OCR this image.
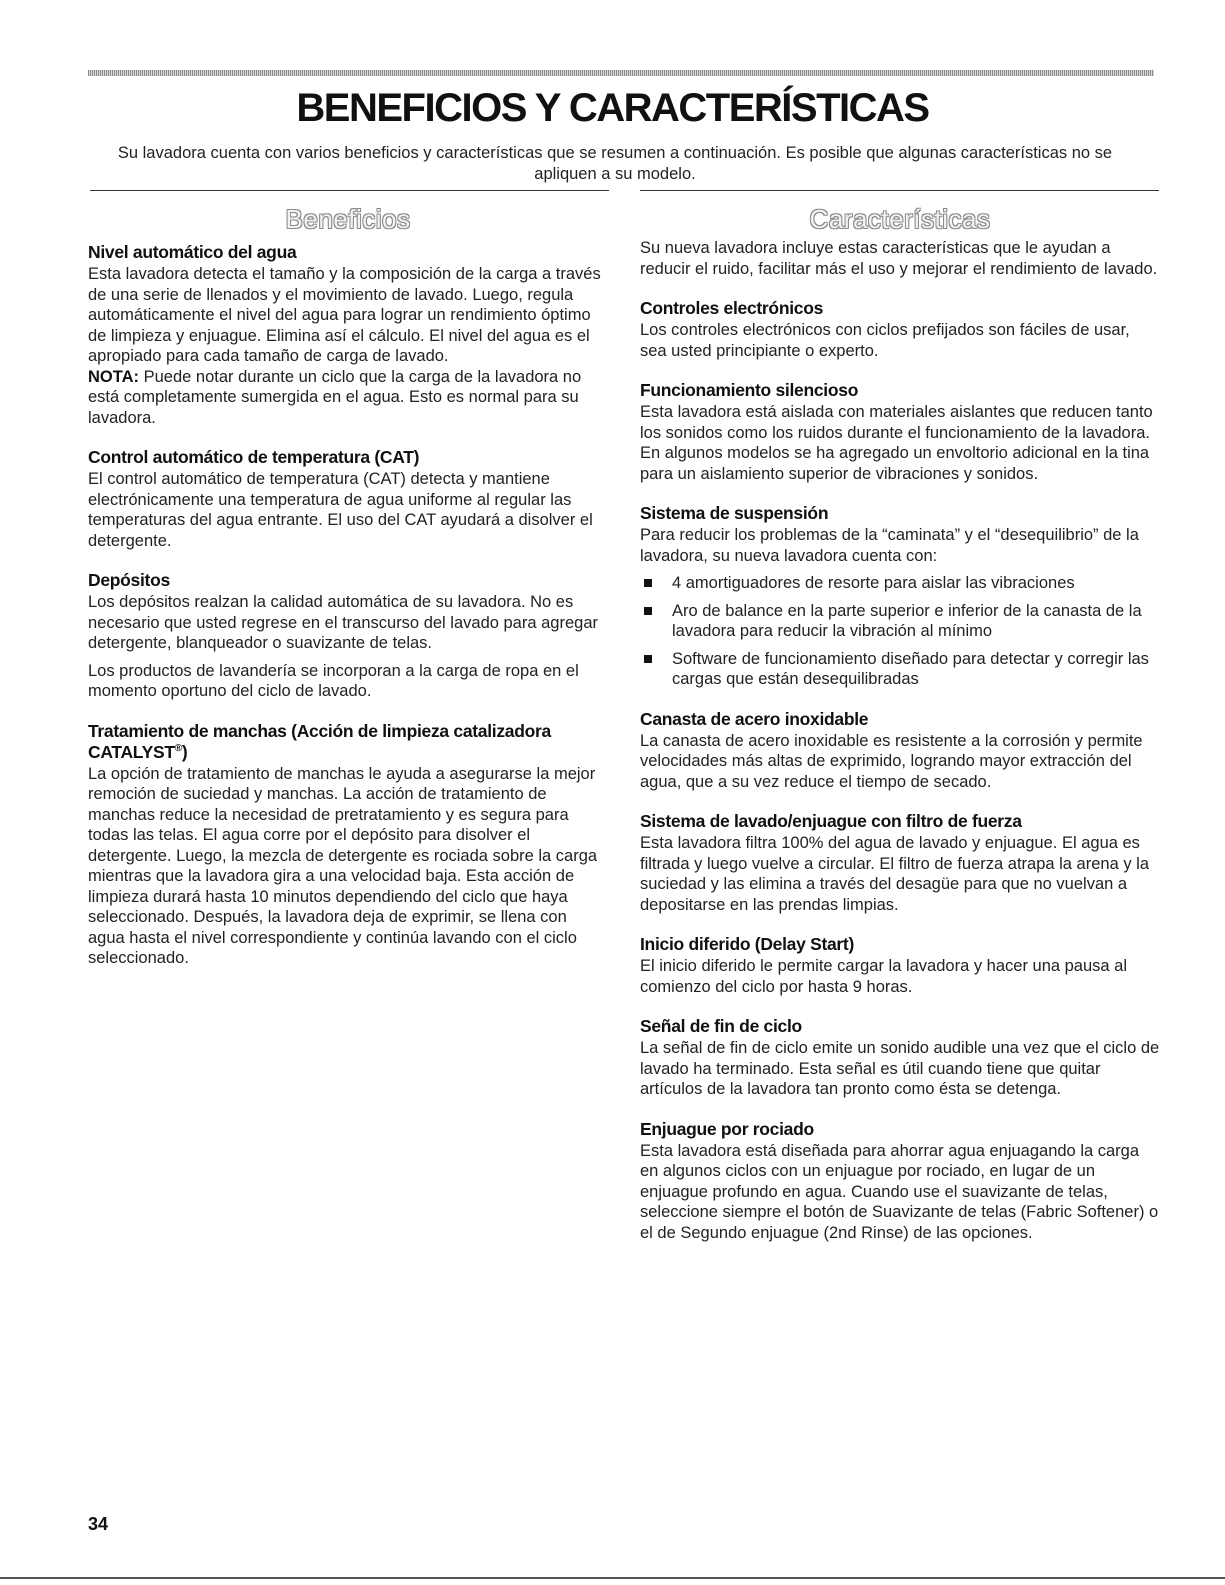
BENEFICIOS Y CARACTERÍSTICAS

Su lavadora cuenta con varios beneficios y características que se resumen a continuación. Es posible que algunas características no se apliquen a su modelo.

Beneficios
Nivel automático del agua

Esta lavadora detecta el tamaño y la composición de la carga a través de una serie de llenados y el movimiento de lavado. Luego, regula automáticamente el nivel del agua para lograr un rendimiento óptimo de limpieza y enjuague. Elimina así el cálculo. El nivel del agua es el apropiado para cada tamaño de carga de lavado.

NOTA: Puede notar durante un ciclo que la carga de la lavadora no está completamente sumergida en el agua. Esto es normal para su lavadora.

Control automático de temperatura (CAT)

El control automático de temperatura (CAT) detecta y mantiene electrónicamente una temperatura de agua uniforme al regular las temperaturas del agua entrante. El uso del CAT ayudará a disolver el detergente.

Depósitos

Los depósitos realzan la calidad automática de su lavadora. No es necesario que usted regrese en el transcurso del lavado para agregar detergente, blanqueador o suavizante de telas.

Los productos de lavandería se incorporan a la carga de ropa en el momento oportuno del ciclo de lavado.

Tratamiento de manchas (Acción de limpieza catalizadora CATALYST®)

La opción de tratamiento de manchas le ayuda a asegurarse la mejor remoción de suciedad y manchas. La acción de tratamiento de manchas reduce la necesidad de pretratamiento y es segura para todas las telas. El agua corre por el depósito para disolver el detergente. Luego, la mezcla de detergente es rociada sobre la carga mientras que la lavadora gira a una velocidad baja. Esta acción de limpieza durará hasta 10 minutos dependiendo del ciclo que haya seleccionado. Después, la lavadora deja de exprimir, se llena con agua hasta el nivel correspondiente y continúa lavando con el ciclo seleccionado.

Características

Su nueva lavadora incluye estas características que le ayudan a reducir el ruido, facilitar más el uso y mejorar el rendimiento de lavado.

Controles electrónicos

Los controles electrónicos con ciclos prefijados son fáciles de usar, sea usted principiante o experto.

Funcionamiento silencioso

Esta lavadora está aislada con materiales aislantes que reducen tanto los sonidos como los ruidos durante el funcionamiento de la lavadora. En algunos modelos se ha agregado un envoltorio adicional en la tina para un aislamiento superior de vibraciones y sonidos.

Sistema de suspensión

Para reducir los problemas de la “caminata” y el “desequilibrio” de la lavadora, su nueva lavadora cuenta con:

4 amortiguadores de resorte para aislar las vibraciones
Aro de balance en la parte superior e inferior de la canasta de la lavadora para reducir la vibración al mínimo
Software de funcionamiento diseñado para detectar y corregir las cargas que están desequilibradas
Canasta de acero inoxidable

La canasta de acero inoxidable es resistente a la corrosión y permite velocidades más altas de exprimido, logrando mayor extracción del agua, que a su vez reduce el tiempo de secado.

Sistema de lavado/enjuague con filtro de fuerza

Esta lavadora filtra 100% del agua de lavado y enjuague. El agua es filtrada y luego vuelve a circular. El filtro de fuerza atrapa la arena y la suciedad y las elimina a través del desagüe para que no vuelvan a depositarse en las prendas limpias.

Inicio diferido (Delay Start)

El inicio diferido le permite cargar la lavadora y hacer una pausa al comienzo del ciclo por hasta 9 horas.

Señal de fin de ciclo

La señal de fin de ciclo emite un sonido audible una vez que el ciclo de lavado ha terminado. Esta señal es útil cuando tiene que quitar artículos de la lavadora tan pronto como ésta se detenga.

Enjuague por rociado

Esta lavadora está diseñada para ahorrar agua enjuagando la carga en algunos ciclos con un enjuague por rociado, en lugar de un enjuague profundo en agua. Cuando use el suavizante de telas, seleccione siempre el botón de Suavizante de telas (Fabric Softener) o el de Segundo enjuague (2nd Rinse) de las opciones.

34
